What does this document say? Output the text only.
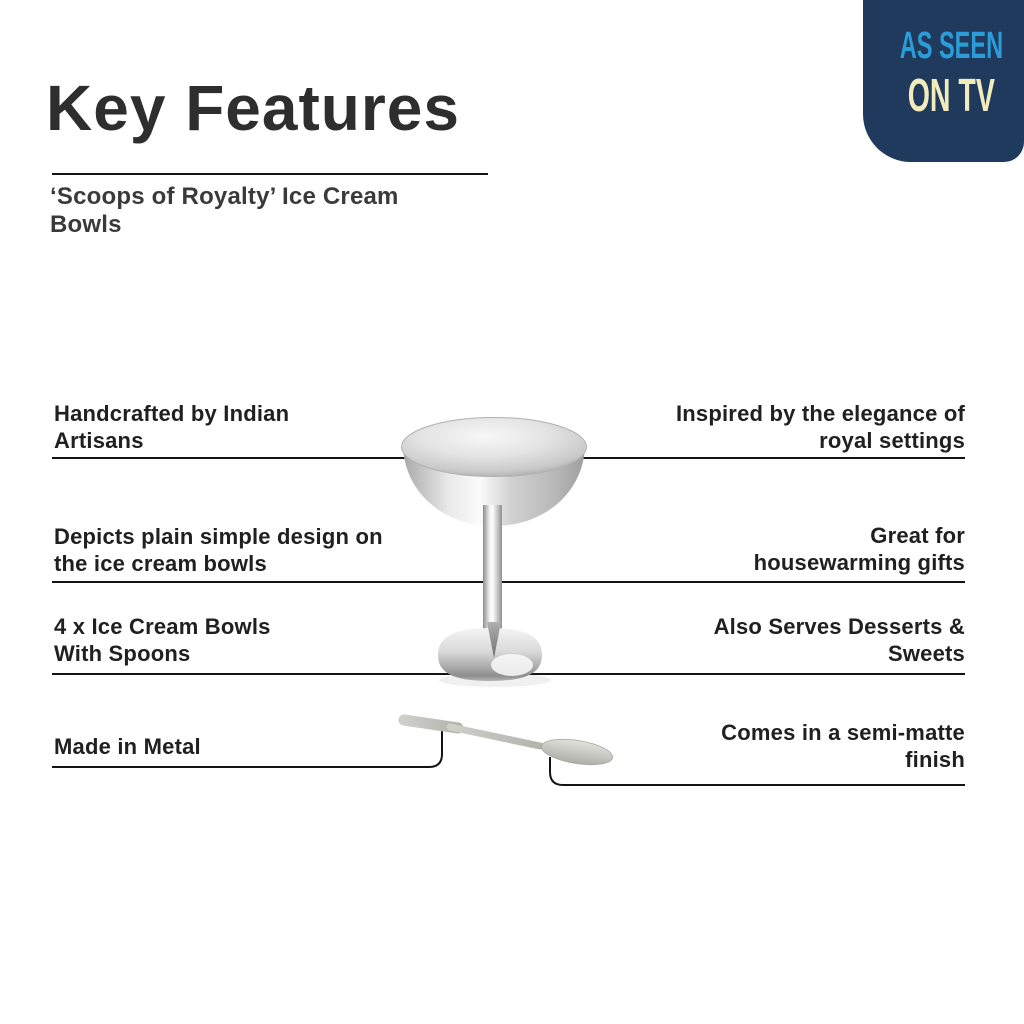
Key Features
‘Scoops of Royalty’ Ice Cream
Bowls
AS SEEN
ON TV
Handcrafted by Indian
Artisans
Depicts plain simple design on
the ice cream bowls
4 x Ice Cream Bowls
With Spoons
Made in Metal
Inspired by the elegance of
royal settings
Great for
housewarming gifts
Also Serves Desserts &
Sweets
Comes in a semi-matte
finish
